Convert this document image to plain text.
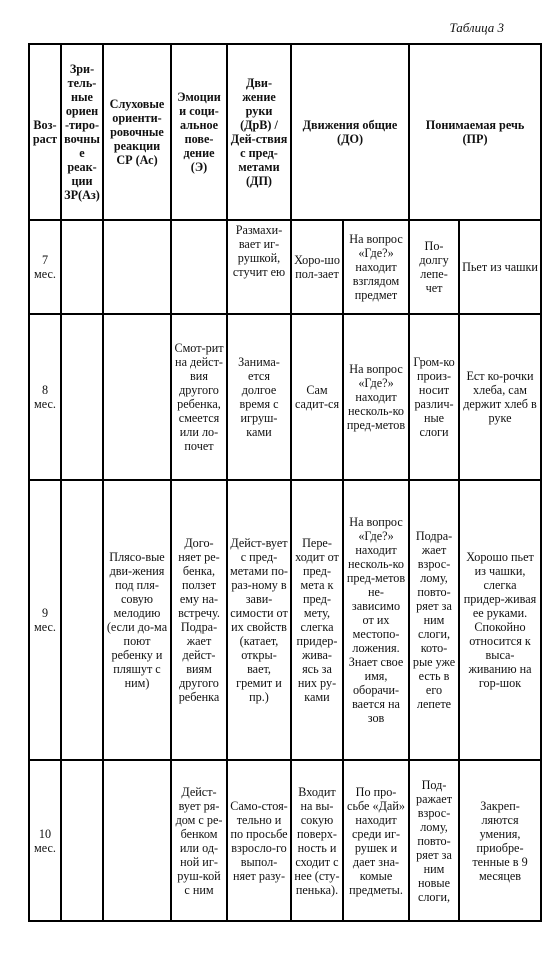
Таблица 3
Воз-раст	Зри-тель-ные ориен-тиро-вочные реак-ции ЗР(Аз)	Слуховые ориенти-ровочные реакции СР (Ас)	Эмоции и соци-альное пове-дение (Э)	Дви-жение руки (ДрВ) / Дей-ствия с пред-метами (ДП)	Движения общие (ДО)		Понимаемая речь (ПР)	
7 мес.				Размахи-вает иг-рушкой, стучит ею	Хоро-шо пол-зает	На вопрос «Где?» находит взглядом предмет	По-долгу лепе-чет	Пьет из чашки
8 мес.			Смот-рит на дейст-вия другого ребенка, смеется или ло-почет	Занима-ется долгое время с игруш-ками	Сам садит-ся	На вопрос «Где?» находит несколь-ко пред-метов	Гром-ко произ-носит различ-ные слоги	Ест ко-рочки хлеба, сам держит хлеб в руке
9 мес.		Плясо-вые дви-жения под пля-совую мелодию (если до-ма поют ребенку и пляшут с ним)	Дого-няет ре-бенка, ползет ему на-встречу. Подра-жает дейст-виям другого ребенка	Дейст-вует с пред-метами по-раз-ному в зави-симости от их свойств (катает, откры-вает, гремит и пр.)	Пере-ходит от пред-мета к пред-мету, слегка придер-жива-ясь за них ру-ками	На вопрос «Где?» находит несколь-ко пред-метов не-зависимо от их местопо-ложения. Знает свое имя, оборачи-вается на зов	Подра-жает взрос-лому, повто-ряет за ним слоги, кото-рые уже есть в его лепете	Хорошо пьет из чашки, слегка придер-живая ее руками. Спокойно относится к выса-живанию на гор-шок
10 мес.			Дейст-вует ря-дом с ре-бенком или од-ной иг-руш-кой с ним	Само-стоя-тельно и по просьбе взросло-го выпол-няет разу-	Входит на вы-сокую поверх-ность и сходит с нее (сту-пенька).	По про-сьбе «Дай» находит среди иг-рушек и дает зна-комые предметы.	Под-ражает взрос-лому, повто-ряет за ним новые слоги,	Закреп-ляются умения, приобре-тенные в 9 месяцев
